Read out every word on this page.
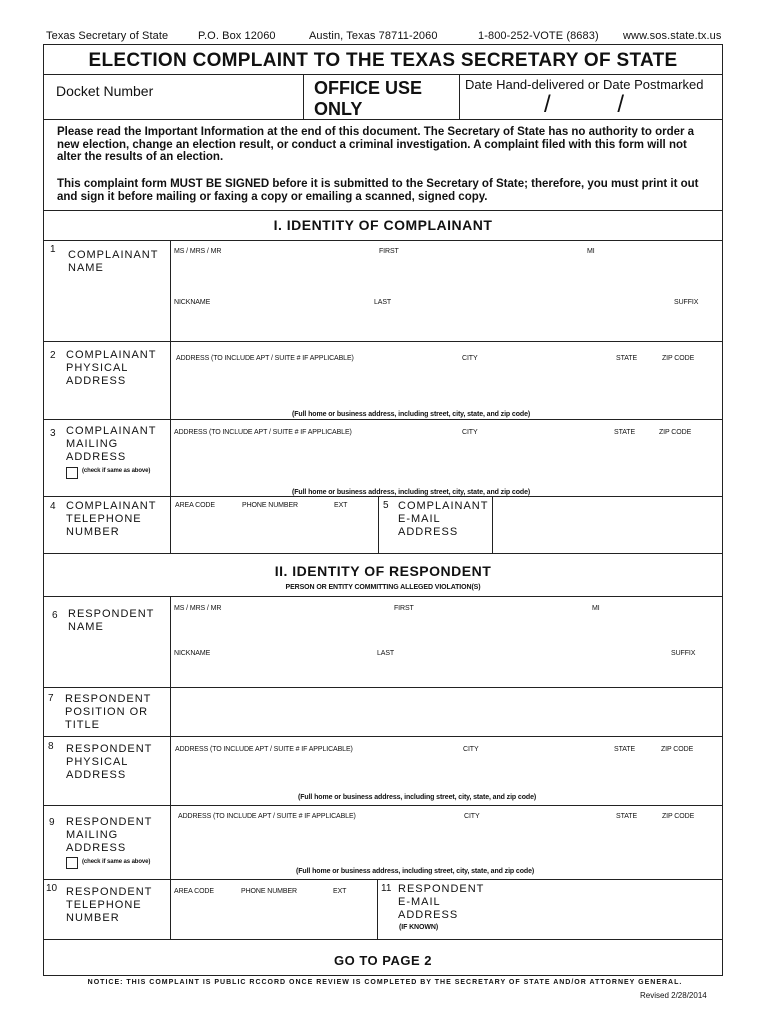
Texas Secretary of State	P.O. Box 12060	Austin, Texas 78711-2060	1-800-252-VOTE (8683) www.sos.state.tx.us
ELECTION COMPLAINT TO THE TEXAS SECRETARY OF STATE
Docket Number	OFFICE USE
ONLY
Date Hand-delivered or Date Postmarked
/          /
Please read the Important Information at the end of this document. The Secretary of State has no authority to order a new election, change an election result, or conduct a criminal investigation. A complaint filed with this form will not alter the results of an election.
This complaint form MUST BE SIGNED before it is submitted to the Secretary of State; therefore, you must print it out and sign it before mailing or faxing a copy or emailing a scanned, signed copy.
I. IDENTITY OF COMPLAINANT
1 COMPLAINANT
NAME
MS / MRS / MR	FIRST	MI
NICKNAME	LAST	SUFFIX
2 COMPLAINANT
PHYSICAL
ADDRESS
ADDRESS (TO INCLUDE APT / SUITE # IF APPLICABLE)	CITY	STATE	ZIP CODE
(Full home or business address, including street, city, state, and zip code)
3 COMPLAINANT
MAILING
ADDRESS
(check if same as above)
ADDRESS (TO INCLUDE APT / SUITE # IF APPLICABLE)	CITY	STATE	ZIP CODE
(Full home or business address, including street, city, state, and zip code)
4 COMPLAINANT
TELEPHONE
NUMBER
AREA CODE	PHONE NUMBER	EXT	5 COMPLAINANT
E-MAIL
ADDRESS
II. IDENTITY OF RESPONDENT
PERSON OR ENTITY COMMITTING ALLEGED VIOLATION(S)
6 RESPONDENT
NAME
MS / MRS / MR	FIRST	MI
NICKNAME	LAST	SUFFIX
7 RESPONDENT
POSITION OR
TITLE
8 RESPONDENT
PHYSICAL
ADDRESS
ADDRESS (TO INCLUDE APT / SUITE # IF APPLICABLE)	CITY	STATE	ZIP CODE
(Full home or business address, including street, city, state, and zip code)
9 RESPONDENT
MAILING
ADDRESS
(check if same as above)
ADDRESS (TO INCLUDE APT / SUITE # IF APPLICABLE)	CITY	STATE	ZIP CODE
(Full home or business address, including street, city, state, and zip code)
10 RESPONDENT
TELEPHONE
NUMBER
AREA CODE	PHONE NUMBER	EXT	11 RESPONDENT
E-MAIL
ADDRESS
(IF KNOWN)
GO TO PAGE 2
NOTICE: THIS COMPLAINT IS PUBLIC RCCORD ONCE REVIEW IS COMPLETED BY THE SECRETARY OF STATE AND/OR ATTORNEY GENERAL.
Revised 2/28/2014
